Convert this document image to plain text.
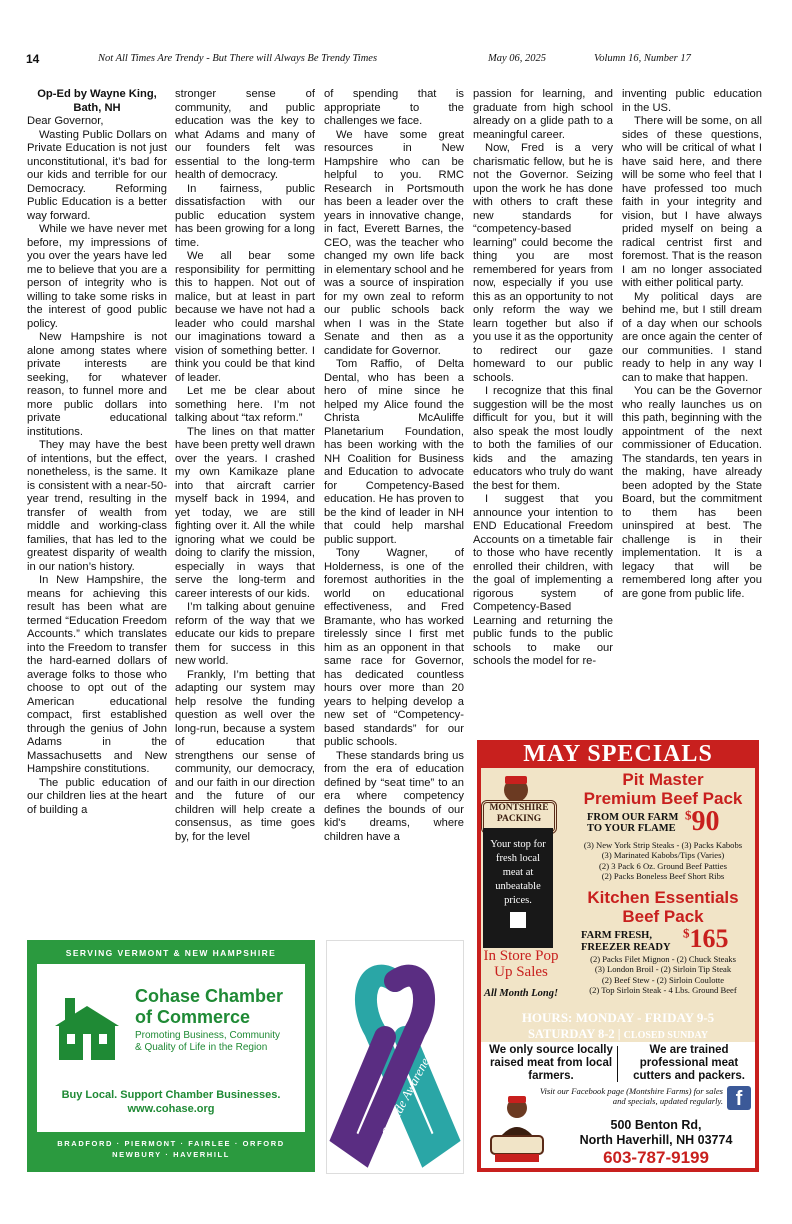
14	Not All Times Are Trendy - But There will Always Be Trendy Times	May 06, 2025	Volumn 16, Number 17

Op-Ed by Wayne King, Bath, NH

Dear Governor,

Wasting Public Dollars on Private Education is not just unconstitutional, it’s bad for our kids and terrible for our Democracy. Reforming Public Education is a better way forward.

While we have never met before, my impressions of you over the years have led me to believe that you are a person of integrity who is willing to take some risks in the interest of good public policy.

New Hampshire is not alone among states where private interests are seeking, for whatever reason, to funnel more and more public dollars into private educational institutions.

They may have the best of intentions, but the effect, nonetheless, is the same. It is consistent with a near-50-year trend, resulting in the transfer of wealth from middle and working-class families, that has led to the greatest disparity of wealth in our nation’s history.

In New Hampshire, the means for achieving this result has been what are termed “Education Freedom Accounts.” which translates into the Freedom to transfer the hard-earned dollars of average folks to those who choose to opt out of the American educational compact, first established through the genius of John Adams in the Massachusetts and New Hampshire constitutions.

The public education of our children lies at the heart of building a

stronger sense of community, and public education was the key to what Adams and many of our founders felt was essential to the long-term health of democracy.

In fairness, public dissatisfaction with our public education system has been growing for a long time.

We all bear some responsibility for permitting this to happen. Not out of malice, but at least in part because we have not had a leader who could marshal our imaginations toward a vision of something better. I think you could be that kind of leader.

Let me be clear about something here. I’m not talking about “tax reform.”

The lines on that matter have been pretty well drawn over the years. I crashed my own Kamikaze plane into that aircraft carrier myself back in 1994, and yet today, we are still fighting over it. All the while ignoring what we could be doing to clarify the mission, especially in ways that serve the long-term and career interests of our kids.

I’m talking about genuine reform of the way that we educate our kids to prepare them for success in this new world.

Frankly, I’m betting that adapting our system may help resolve the funding question as well over the long-run, because a system of education that strengthens our sense of community, our democracy, and our faith in our direction and the future of our children will help create a consensus, as time goes by, for the level

of spending that is appropriate to the challenges we face.

We have some great resources in New Hampshire who can be helpful to you. RMC Research in Portsmouth has been a leader over the years in innovative change, in fact, Everett Barnes, the CEO, was the teacher who changed my own life back in elementary school and he was a source of inspiration for my own zeal to reform our public schools back when I was in the State Senate and then as a candidate for Governor.

Tom Raffio, of Delta Dental, who has been a hero of mine since he helped my Alice found the Christa McAuliffe Planetarium Foundation, has been working with the NH Coalition for Business and Education to advocate for Competency-Based education. He has proven to be the kind of leader in NH that could help marshal public support.

Tony Wagner, of Holderness, is one of the foremost authorities in the world on educational effectiveness, and Fred Bramante, who has worked tirelessly since I first met him as an opponent in that same race for Governor, has dedicated countless hours over more than 20 years to helping develop a new set of “Competency-based standards” for our public schools.

These standards bring us from the era of education defined by “seat time” to an era where competency defines the bounds of our kid's dreams, where children have a

passion for learning, and graduate from high school already on a glide path to a meaningful career.

Now, Fred is a very charismatic fellow, but he is not the Governor. Seizing upon the work he has done with others to craft these new standards for “competency-based learning” could become the thing you are most remembered for years from now, especially if you use this as an opportunity to not only reform the way we learn together but also if you use it as the opportunity to redirect our gaze homeward to our public schools.

I recognize that this final suggestion will be the most difficult for you, but it will also speak the most loudly to both the families of our kids and the amazing educators who truly do want the best for them.

I suggest that you announce your intention to END Educational Freedom Accounts on a timetable fair to those who have recently enrolled their children, with the goal of implementing a rigorous system of Competency-Based Learning and returning the public funds to the public schools to make our schools the model for re-

inventing public education in the US.

There will be some, on all sides of these questions, who will be critical of what I have said here, and there will be some who feel that I have professed too much faith in your integrity and vision, but I have always prided myself on being a radical centrist first and foremost. That is the reason I am no longer associated with either political party.

My political days are behind me, but I still dream of a day when our schools are once again the center of our communities. I stand ready to help in any way I can to make that happen.

You can be the Governor who really launches us on this path, beginning with the appointment of the next commissioner of Education. The standards, ten years in the making, have already been adopted by the State Board, but the commitment to them has been uninspired at best. The challenge is in their implementation. It is a legacy that will be remembered long after you are gone from public life.

MAY SPECIALS
MONTSHIRE
PACKING
Your stop for fresh local meat at unbeatable prices.
In Store Pop Up Sales
All Month Long!
Pit Master
Premium Beef Pack
FROM OUR FARM
TO YOUR FLAME
$90
(3) New York Strip Steaks - (3) Packs Kabobs
(3) Marinated Kabobs/Tips (Varies)
(2) 3 Pack 6 Oz. Ground Beef Patties
(2) Packs Boneless Beef Short Ribs
Kitchen Essentials
Beef Pack
FARM FRESH,
FREEZER READY
$165
(2) Packs Filet Mignon - (2) Chuck Steaks
(3) London Broil - (2) Sirloin Tip Steak
(2) Beef Stew - (2) Sirloin Coulotte
(2) Top Sirloin Steak - 4 Lbs. Ground Beef
HOURS: MONDAY - FRIDAY 9-5
SATURDAY 8-2 | CLOSED SUNDAY
We only source locally raised meat from local farmers.
We are trained professional meat cutters and packers.
Visit our Facebook page (Montshire Farms) for sales and specials, updated regularly. f
500 Benton Rd,
North Haverhill, NH 03774
603-787-9199
SERVING VERMONT & NEW HAMPSHIRE
Cohase Chamber
of Commerce
Promoting Business, Community
& Quality of Life in the Region
Buy Local. Support Chamber Businesses.
www.cohase.org
BRADFORD · PIERMONT · FAIRLEE · ORFORD
NEWBURY · HAVERHILL
Suicide Awareness
